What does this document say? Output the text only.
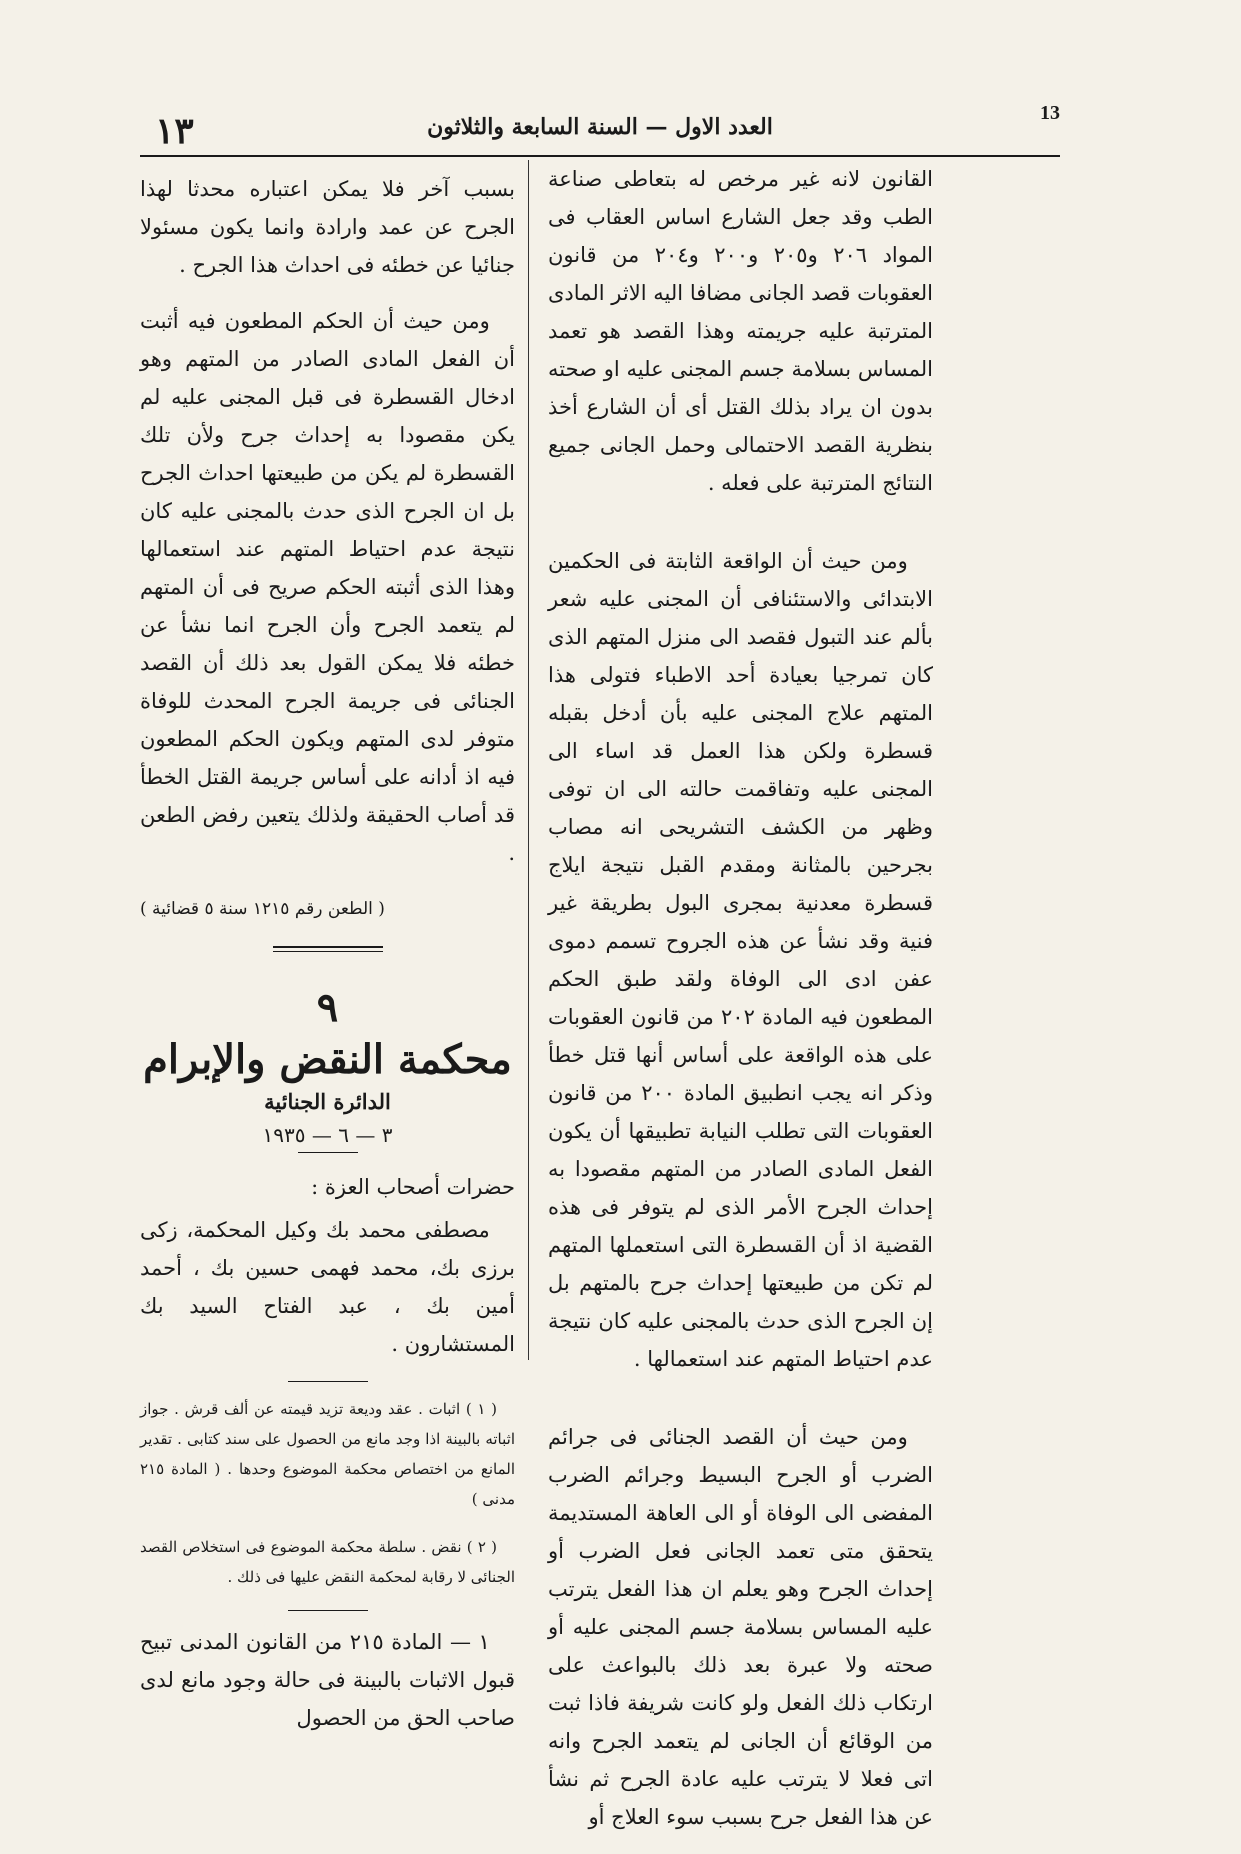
١٣	العدد الاول — السنة السابعة والثلاثون
13

القانون لانه غير مرخص له بتعاطى صناعة الطب وقد جعل الشارع اساس العقاب فى المواد ٢٠٦ و٢٠٥ و٢٠٠ و٢٠٤ من قانون العقوبات قصد الجانى مضافا اليه الاثر المادى المترتبة عليه جريمته وهذا القصد هو تعمد المساس بسلامة جسم المجنى عليه او صحته بدون ان يراد بذلك القتل أى أن الشارع أخذ بنظرية القصد الاحتمالى وحمل الجانى جميع النتائج المترتبة على فعله .

ومن حيث أن الواقعة الثابتة فى الحكمين الابتدائى والاستئنافى أن المجنى عليه شعر بألم عند التبول فقصد الى منزل المتهم الذى كان تمرجيا بعيادة أحد الاطباء فتولى هذا المتهم علاج المجنى عليه بأن أدخل بقبله قسطرة ولكن هذا العمل قد اساء الى المجنى عليه وتفاقمت حالته الى ان توفى وظهر من الكشف التشريحى انه مصاب بجرحين بالمثانة ومقدم القبل نتيجة ايلاج قسطرة معدنية بمجرى البول بطريقة غير فنية وقد نشأ عن هذه الجروح تسمم دموى عفن ادى الى الوفاة ولقد طبق الحكم المطعون فيه المادة ٢٠٢ من قانون العقوبات على هذه الواقعة على أساس أنها قتل خطأ وذكر انه يجب انطبيق المادة ٢٠٠ من قانون العقوبات التى تطلب النيابة تطبيقها أن يكون الفعل المادى الصادر من المتهم مقصودا به إحداث الجرح الأمر الذى لم يتوفر فى هذه القضية اذ أن القسطرة التى استعملها المتهم لم تكن من طبيعتها إحداث جرح بالمتهم بل إن الجرح الذى حدث بالمجنى عليه كان نتيجة عدم احتياط المتهم عند استعمالها .

ومن حيث أن القصد الجنائى فى جرائم الضرب أو الجرح البسيط وجرائم الضرب المفضى الى الوفاة أو الى العاهة المستديمة يتحقق متى تعمد الجانى فعل الضرب أو إحداث الجرح وهو يعلم ان هذا الفعل يترتب عليه المساس بسلامة جسم المجنى عليه أو صحته ولا عبرة بعد ذلك بالبواعث على ارتكاب ذلك الفعل ولو كانت شريفة فاذا ثبت من الوقائع أن الجانى لم يتعمد الجرح وانه اتى فعلا لا يترتب عليه عادة الجرح ثم نشأ عن هذا الفعل جرح بسبب سوء العلاج أو

بسبب آخر فلا يمكن اعتباره محدثا لهذا الجرح عن عمد وارادة وانما يكون مسئولا جنائيا عن خطئه فى احداث هذا الجرح .

ومن حيث أن الحكم المطعون فيه أثبت أن الفعل المادى الصادر من المتهم وهو ادخال القسطرة فى قبل المجنى عليه لم يكن مقصودا به إحداث جرح ولأن تلك القسطرة لم يكن من طبيعتها احداث الجرح بل ان الجرح الذى حدث بالمجنى عليه كان نتيجة عدم احتياط المتهم عند استعمالها وهذا الذى أثبته الحكم صريح فى أن المتهم لم يتعمد الجرح وأن الجرح انما نشأ عن خطئه فلا يمكن القول بعد ذلك أن القصد الجنائى فى جريمة الجرح المحدث للوفاة متوفر لدى المتهم ويكون الحكم المطعون فيه اذ أدانه على أساس جريمة القتل الخطأ قد أصاب الحقيقة ولذلك يتعين رفض الطعن .

( الطعن رقم ١٢١٥ سنة ٥ قضائية )
٩
محكمة النقض والإبرام
الدائرة الجنائية
٣ — ٦ — ١٩٣٥
حضرات أصحاب العزة :

مصطفى محمد بك وكيل المحكمة، زكى برزى بك، محمد فهمى حسين بك ، أحمد أمين بك ، عبد الفتاح السيد بك المستشارون .

( ١ ) اثبات . عقد وديعة تزيد قيمته عن ألف قرش . جواز اثباته بالبينة اذا وجد مانع من الحصول على سند كتابى . تقدير المانع من اختصاص محكمة الموضوع وحدها . ( المادة ٢١٥ مدنى )

( ٢ ) نقض . سلطة محكمة الموضوع فى استخلاص القصد الجنائى لا رقابة لمحكمة النقض عليها فى ذلك .

١ — المادة ٢١٥ من القانون المدنى تبيح قبول الاثبات بالبينة فى حالة وجود مانع لدى صاحب الحق من الحصول
